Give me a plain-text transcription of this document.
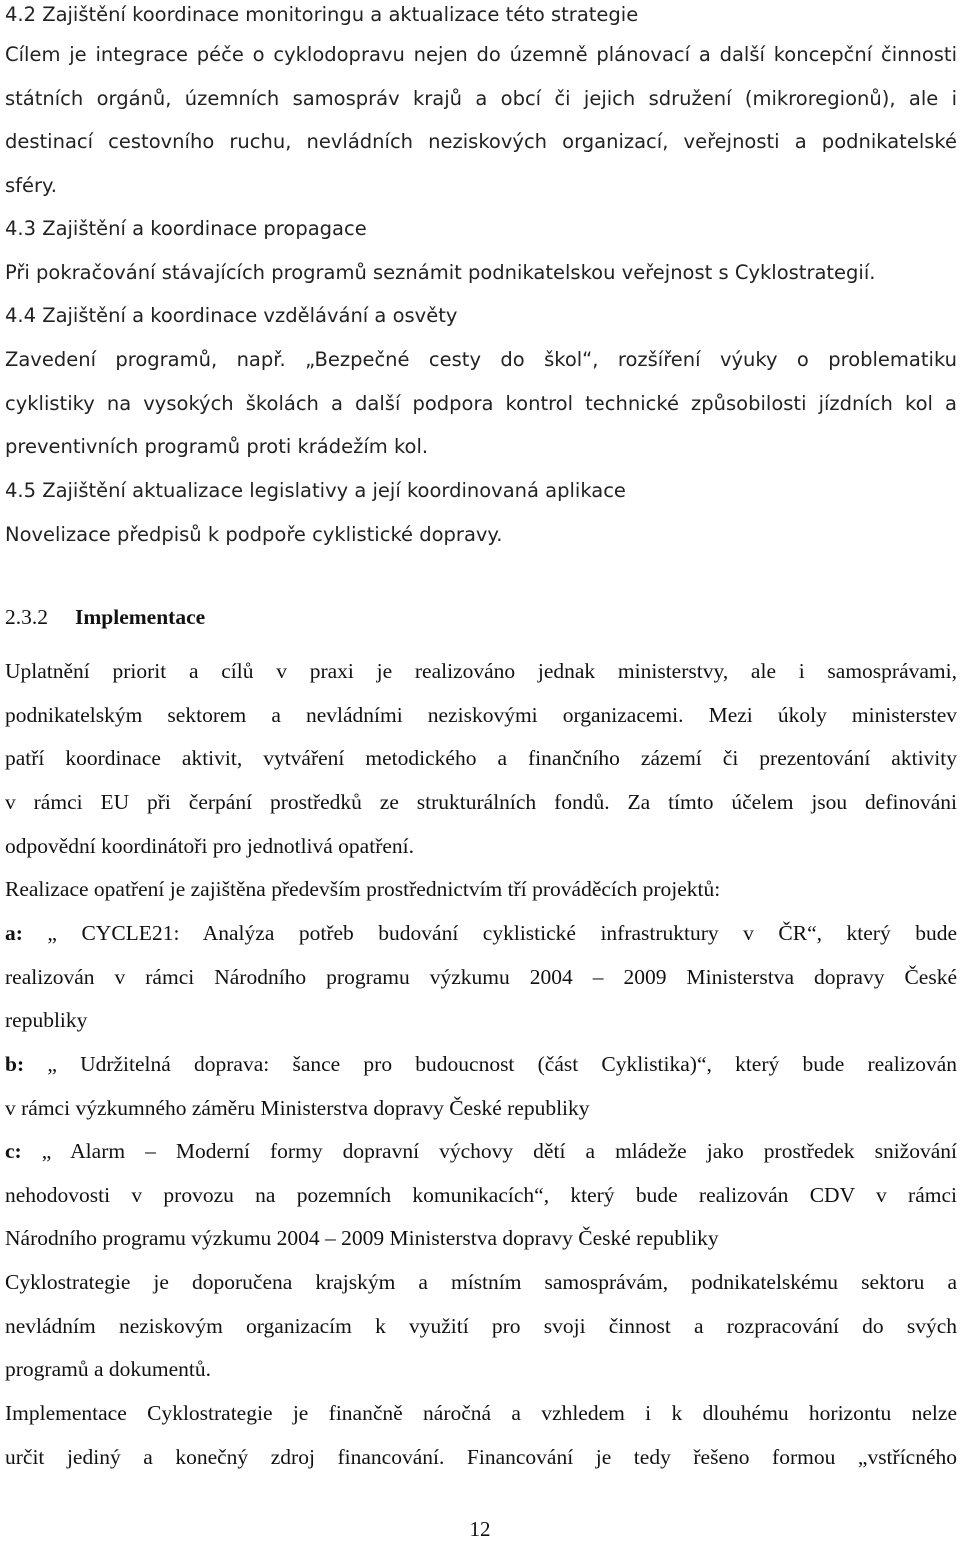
4.2 Zajištění koordinace monitoringu a aktualizace této strategie
Cílem je integrace péče o cyklodopravu nejen do územně plánovací a další koncepční činnosti
státních orgánů, územních samospráv krajů a obcí či jejich sdružení (mikroregionů), ale i
destinací cestovního ruchu, nevládních neziskových organizací, veřejnosti a podnikatelské
sféry.
4.3 Zajištění a koordinace propagace
Při pokračování stávajících programů seznámit podnikatelskou veřejnost s Cyklostrategií.
4.4 Zajištění a koordinace vzdělávání a osvěty
Zavedení programů, např. „Bezpečné cesty do škol“, rozšíření výuky o problematiku
cyklistiky na vysokých školách a další podpora kontrol technické způsobilosti jízdních kol a
preventivních programů proti krádežím kol.
4.5 Zajištění aktualizace legislativy a její koordinovaná aplikace
Novelizace předpisů k podpoře cyklistické dopravy.
2.3.2 Implementace
Uplatnění priorit a cílů v praxi je realizováno jednak ministerstvy, ale i samosprávami,
podnikatelským sektorem a nevládními neziskovými organizacemi. Mezi úkoly ministerstev
patří koordinace aktivit, vytváření metodického a finančního zázemí či prezentování aktivity
v rámci EU při čerpání prostředků ze strukturálních fondů. Za tímto účelem jsou definováni
odpovědní koordinátoři pro jednotlivá opatření.
Realizace opatření je zajištěna především prostřednictvím tří prováděcích projektů:
a: „ CYCLE21: Analýza potřeb budování cyklistické infrastruktury v ČR“, který bude
realizován v rámci Národního programu výzkumu 2004 – 2009 Ministerstva dopravy České
republiky
b: „ Udržitelná doprava: šance pro budoucnost (část Cyklistika)“, který bude realizován
v rámci výzkumného záměru Ministerstva dopravy České republiky
c: „ Alarm – Moderní formy dopravní výchovy dětí a mládeže jako prostředek snižování
nehodovosti v provozu na pozemních komunikacích“, který bude realizován CDV v rámci
Národního programu výzkumu 2004 – 2009 Ministerstva dopravy České republiky
Cyklostrategie je doporučena krajským a místním samosprávám, podnikatelskému sektoru a
nevládním neziskovým organizacím k využití pro svoji činnost a rozpracování do svých
programů a dokumentů.
Implementace Cyklostrategie je finančně náročná a vzhledem i k dlouhému horizontu nelze
určit jediný a konečný zdroj financování. Financování je tedy řešeno formou „vstřícného
12
